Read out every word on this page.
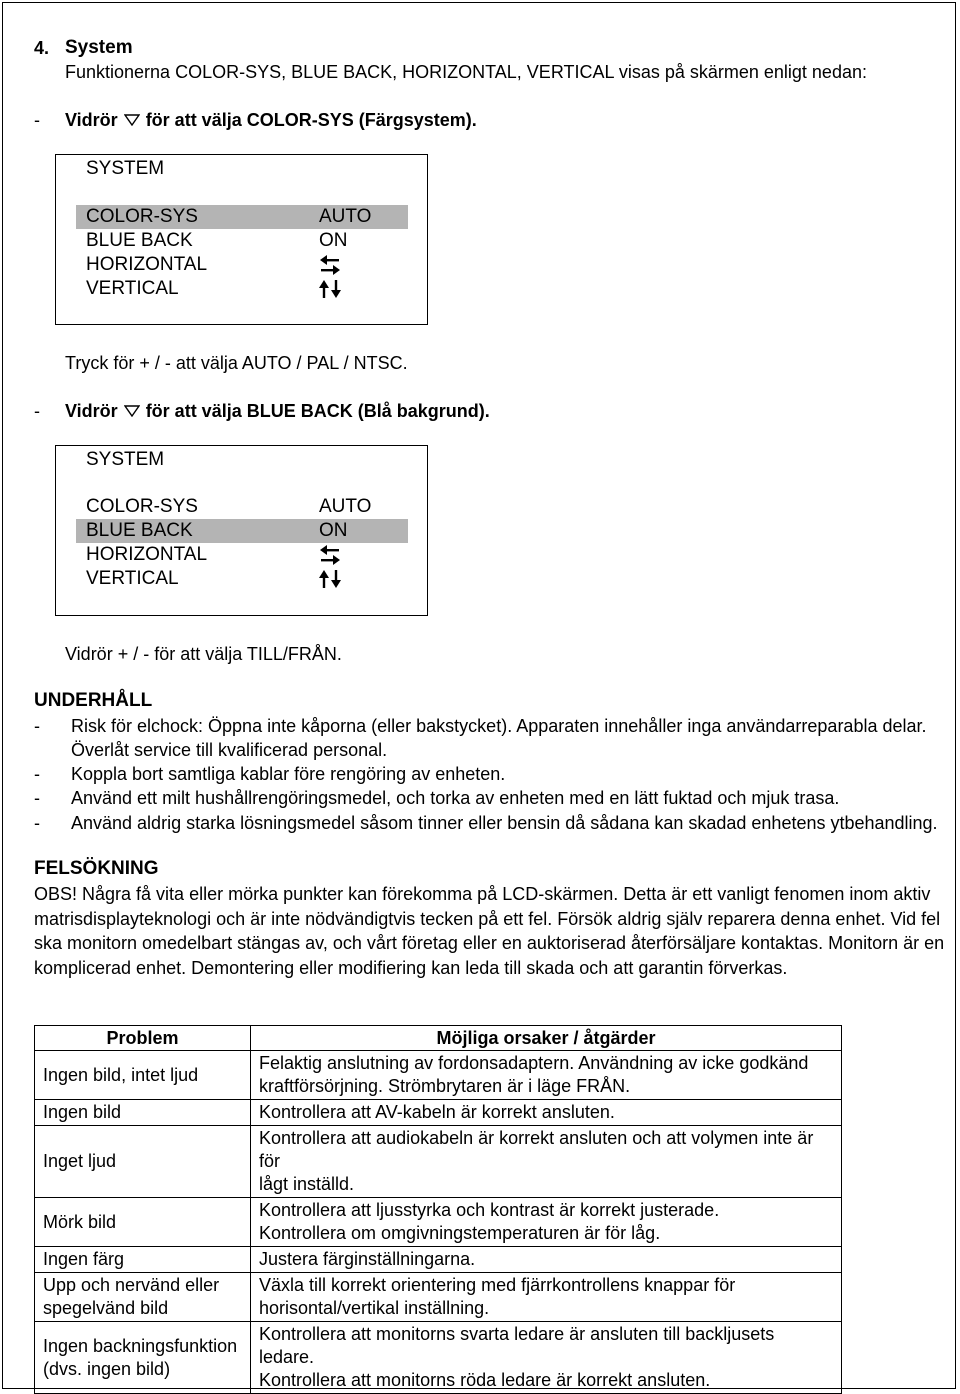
4. System
Funktionerna COLOR-SYS, BLUE BACK, HORIZONTAL, VERTICAL visas på skärmen enligt nedan:
- Vidrör för att välja COLOR-SYS (Färgsystem).
SYSTEM
COLOR-SYS	AUTO
BLUE BACK	ON
HORIZONTAL
VERTICAL
Tryck för + / - att välja AUTO / PAL / NTSC.
- Vidrör för att välja BLUE BACK (Blå bakgrund).
SYSTEM
COLOR-SYS	AUTO
BLUE BACK	ON
HORIZONTAL
VERTICAL
Vidrör + / - för att välja TILL/FRÅN.
UNDERHÅLL
- Risk för elchock: Öppna inte kåporna (eller bakstycket). Apparaten innehåller inga användarreparabla delar.
Överlåt service till kvalificerad personal.
- Koppla bort samtliga kablar före rengöring av enheten.
- Använd ett milt hushållrengöringsmedel, och torka av enheten med en lätt fuktad och mjuk trasa.
- Använd aldrig starka lösningsmedel såsom tinner eller bensin då sådana kan skadad enhetens ytbehandling.
FELSÖKNING

OBS! Några få vita eller mörka punkter kan förekomma på LCD-skärmen. Detta är ett vanligt fenomen inom aktiv

matrisdisplayteknologi och är inte nödvändigtvis tecken på ett fel. Försök aldrig själv reparera denna enhet. Vid fel

ska monitorn omedelbart stängas av, och vårt företag eller en auktoriserad återförsäljare kontaktas. Monitorn är en

komplicerad enhet. Demontering eller modifiering kan leda till skada och att garantin förverkas.

Problem	Möjliga orsaker / åtgärder

Ingen bild, intet ljud	Felaktig anslutning av fordonsadaptern. Användning av icke godkänd
kraftförsörjning. Strömbrytaren är i läge FRÅN.

Ingen bild	Kontrollera att AV-kabeln är korrekt ansluten.

Inget ljud	Kontrollera att audiokabeln är korrekt ansluten och att volymen inte är för
lågt inställd.

Mörk bild	Kontrollera att ljusstyrka och kontrast är korrekt justerade.
Kontrollera om omgivningstemperaturen är för låg.

Ingen färg	Justera färginställningarna.

Upp och nervänd eller
spegelvänd bild	Växla till korrekt orientering med fjärrkontrollens knappar för
horisontal/vertikal inställning.

Ingen backningsfunktion
(dvs. ingen bild)	Kontrollera att monitorns svarta ledare är ansluten till backljusets ledare.
Kontrollera att monitorns röda ledare är korrekt ansluten.
